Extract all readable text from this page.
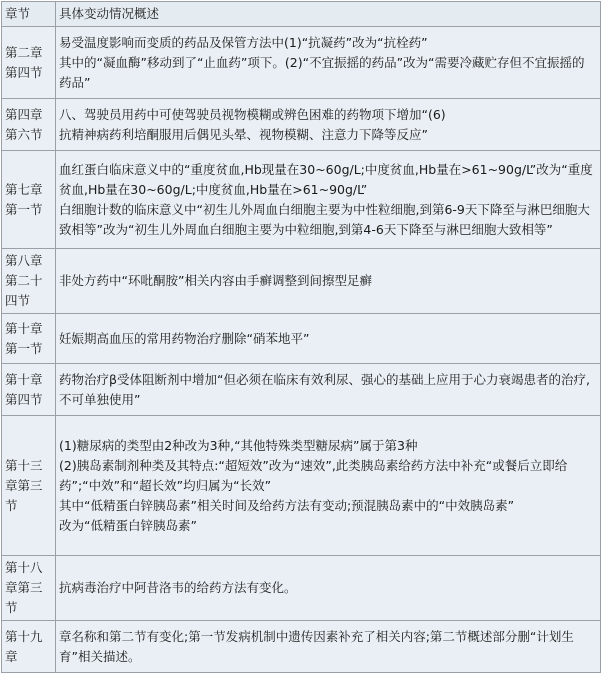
章节	具体变动情况概述
第二章第四节	易受温度影响而变质的药品及保管方法中(1)“抗凝药”改为“抗栓药”
其中的“凝血酶”移动到了“止血药”项下。(2)“不宜振摇的药品”改为“需要冷藏贮存但不宜振摇的药品”

第四章第六节	八、驾驶员用药中可使驾驶员视物模糊或辨色困难的药物项下增加“(6)
抗精神病药利培酮服用后偶见头晕、视物模糊、注意力下降等反应”

第七章第一节	血红蛋白临床意义中的“重度贫血,Hb现量在30~60g/L;中度贫血,Hb量在>61~90g/L”改为“重度贫血,Hb量在30~60g/L;中度贫血,Hb量在>61~90g/L”
白细胞计数的临床意义中“初生儿外周血白细胞主要为中性粒细胞,到第6-9天下降至与淋巴细胞大致相等”改为“初生儿外周血白细胞主要为中粒细胞,到第4-6天下降至与淋巴细胞大致相等”

第八章第二十四节	非处方药中“环吡酮胺”相关内容由手癣调整到间擦型足癣

第十章第一节	妊娠期高血压的常用药物治疗删除“硝苯地平”

第十章第四节	药物治疗β受体阻断剂中增加“但必须在临床有效利尿、强心的基础上应用于心力衰竭患者的治疗,不可单独使用”

第十三章第三节	(1)糖尿病的类型由2种改为3种,“其他特殊类型糖尿病”属于第3种
(2)胰岛素制剂种类及其特点:“超短效”改为“速效”,此类胰岛素给药方法中补充“或餐后立即给药”;“中效”和“超长效”均归属为“长效”
其中“低精蛋白锌胰岛素”相关时间及给药方法有变动;预混胰岛素中的“中效胰岛素”
改为“低精蛋白锌胰岛素”

第十八章第三节	抗病毒治疗中阿昔洛韦的给药方法有变化。

第十九章	章名称和第二节有变化;第一节发病机制中遗传因素补充了相关内容;第二节概述部分删“计划生育”相关描述。
